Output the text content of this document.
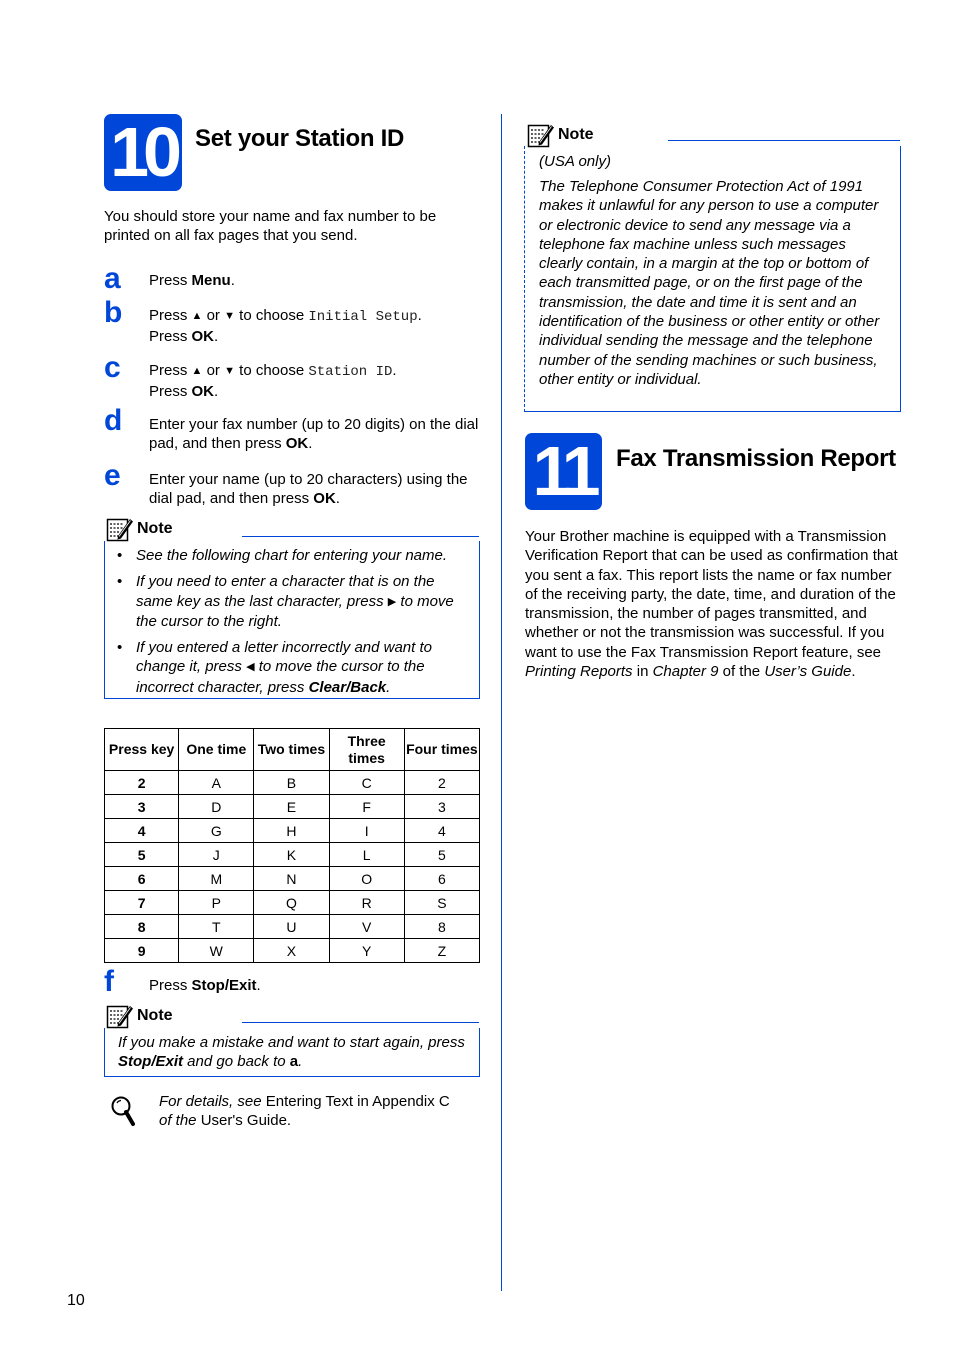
10 Set your Station ID
You should store your name and fax number to be printed on all fax pages that you send.
a Press Menu.
b Press ▲ or ▼ to choose Initial Setup.
Press OK.
c Press ▲ or ▼ to choose Station ID.
Press OK.
d Enter your fax number (up to 20 digits) on the dial pad, and then press OK.
e Enter your name (up to 20 characters) using the dial pad, and then press OK.
Note
• See the following chart for entering your name.
• If you need to enter a character that is on the same key as the last character, press ▶ to move the cursor to the right.
• If you entered a letter incorrectly and want to change it, press ◀ to move the cursor to the incorrect character, press Clear/Back.
Press key	One time	Two times	Three times	Four times
2	A	B	C	2
3	D	E	F	3
4	G	H	I	4
5	J	K	L	5
6	M	N	O	6
7	P	Q	R	S
8	T	U	V	8
9	W	X	Y	Z
f Press Stop/Exit.
Note
If you make a mistake and want to start again, press Stop/Exit and go back to a.
For details, see Entering Text in Appendix C
of the User's Guide.
Note
(USA only)
The Telephone Consumer Protection Act of 1991 makes it unlawful for any person to use a computer or electronic device to send any message via a telephone fax machine unless such messages clearly contain, in a margin at the top or bottom of each transmitted page, or on the first page of the transmission, the date and time it is sent and an identification of the business or other entity or other individual sending the message and the telephone number of the sending machines or such business, other entity or individual.
11 Fax Transmission Report
Your Brother machine is equipped with a Transmission Verification Report that can be used as confirmation that you sent a fax. This report lists the name or fax number of the receiving party, the date, time, and duration of the transmission, the number of pages transmitted, and whether or not the transmission was successful. If you want to use the Fax Transmission Report feature, see Printing Reports in Chapter 9 of the User’s Guide.
10
